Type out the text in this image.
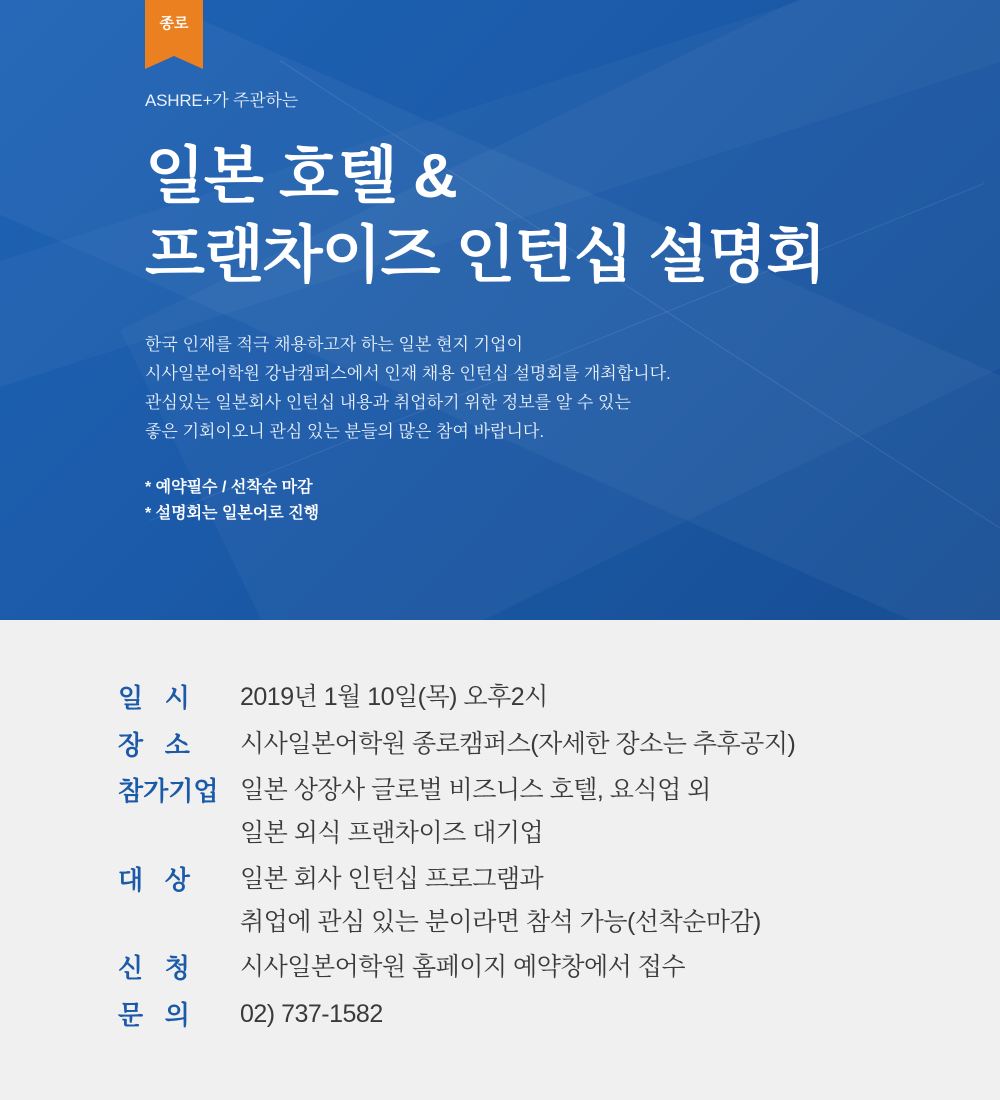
종로
ASHRE+가 주관하는
일본 호텔 &
프랜차이즈 인턴십 설명회
한국 인재를 적극 채용하고자 하는 일본 현지 기업이
시사일본어학원 강남캠퍼스에서 인재 채용 인턴십 설명회를 개최합니다.
관심있는 일본회사 인턴십 내용과 취업하기 위한 정보를 알 수 있는
좋은 기회이오니 관심 있는 분들의 많은 참여 바랍니다.
* 예약필수 / 선착순 마감
* 설명회는 일본어로 진행
일   시	2019년 1월 10일(목) 오후2시
장   소	시사일본어학원 종로캠퍼스(자세한 장소는 추후공지)
참가기업 일본 상장사 글로벌 비즈니스 호텔, 요식업 외
일본 외식 프랜차이즈 대기업
대   상	일본 회사 인턴십 프로그램과
취업에 관심 있는 분이라면 참석 가능(선착순마감)
신   청	시사일본어학원 홈페이지 예약창에서 접수
문   의	02) 737-1582
